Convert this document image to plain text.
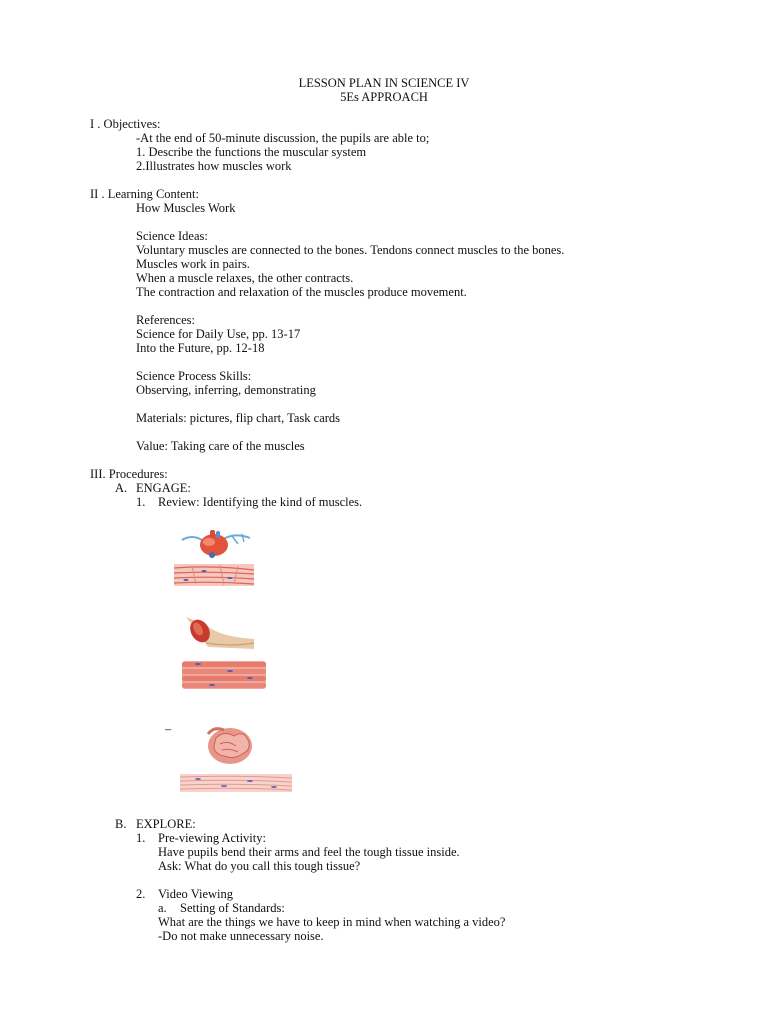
LESSON PLAN IN SCIENCE IV
5Es APPROACH
I . Objectives:
-At the end of 50-minute discussion, the pupils are able to;
1. Describe the functions the muscular system
2.Illustrates how muscles work
II . Learning Content:
How Muscles Work
Science Ideas:
Voluntary muscles are connected to the bones. Tendons connect muscles to the bones.
Muscles work in pairs.
When a muscle relaxes, the other contracts.
The contraction and relaxation of the muscles produce movement.
References:
Science for Daily Use, pp. 13-17
Into the Future, pp. 12-18
Science Process Skills:
Observing, inferring, demonstrating
Materials: pictures, flip chart, Task cards
Value: Taking care of the muscles
III. Procedures:
A. ENGAGE:
1. Review: Identifying the kind of muscles.
–
B. EXPLORE:
1. Pre-viewing Activity:
Have pupils bend their arms and feel the tough tissue inside.
Ask: What do you call this tough tissue?
2. Video Viewing
a. Setting of Standards:
What are the things we have to keep in mind when watching a video?
-Do not make unnecessary noise.
